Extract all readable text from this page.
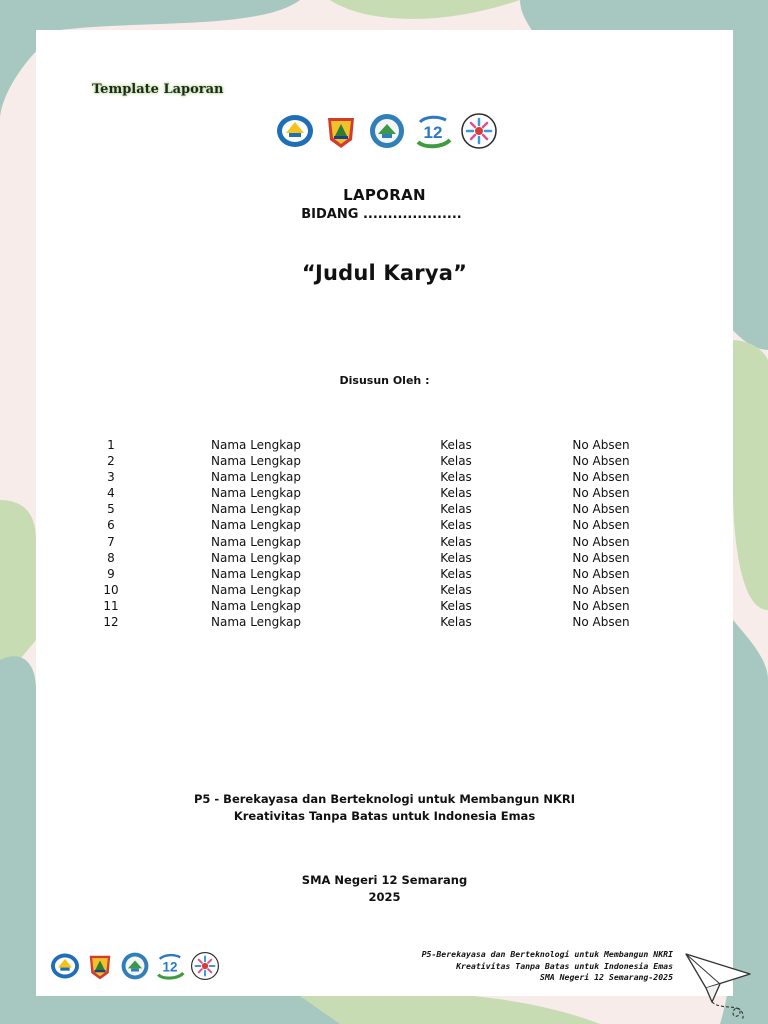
Template Laporan
12
LAPORAN
BIDANG ....................
“Judul Karya”
Disusun Oleh :
1	Nama Lengkap	Kelas	No Absen
2	Nama Lengkap	Kelas	No Absen
3	Nama Lengkap	Kelas	No Absen
4	Nama Lengkap	Kelas	No Absen
5	Nama Lengkap	Kelas	No Absen
6	Nama Lengkap	Kelas	No Absen
7	Nama Lengkap	Kelas	No Absen
8	Nama Lengkap	Kelas	No Absen
9	Nama Lengkap	Kelas	No Absen
10	Nama Lengkap	Kelas	No Absen
11	Nama Lengkap	Kelas	No Absen
12	Nama Lengkap	Kelas	No Absen
P5 - Berekayasa dan Berteknologi untuk Membangun NKRI
Kreativitas Tanpa Batas untuk Indonesia Emas
SMA Negeri 12 Semarang
2025
12
P5-Berekayasa dan Berteknologi untuk Membangun NKRI
Kreativitas Tanpa Batas untuk Indonesia Emas
SMA Negeri 12 Semarang-2025
